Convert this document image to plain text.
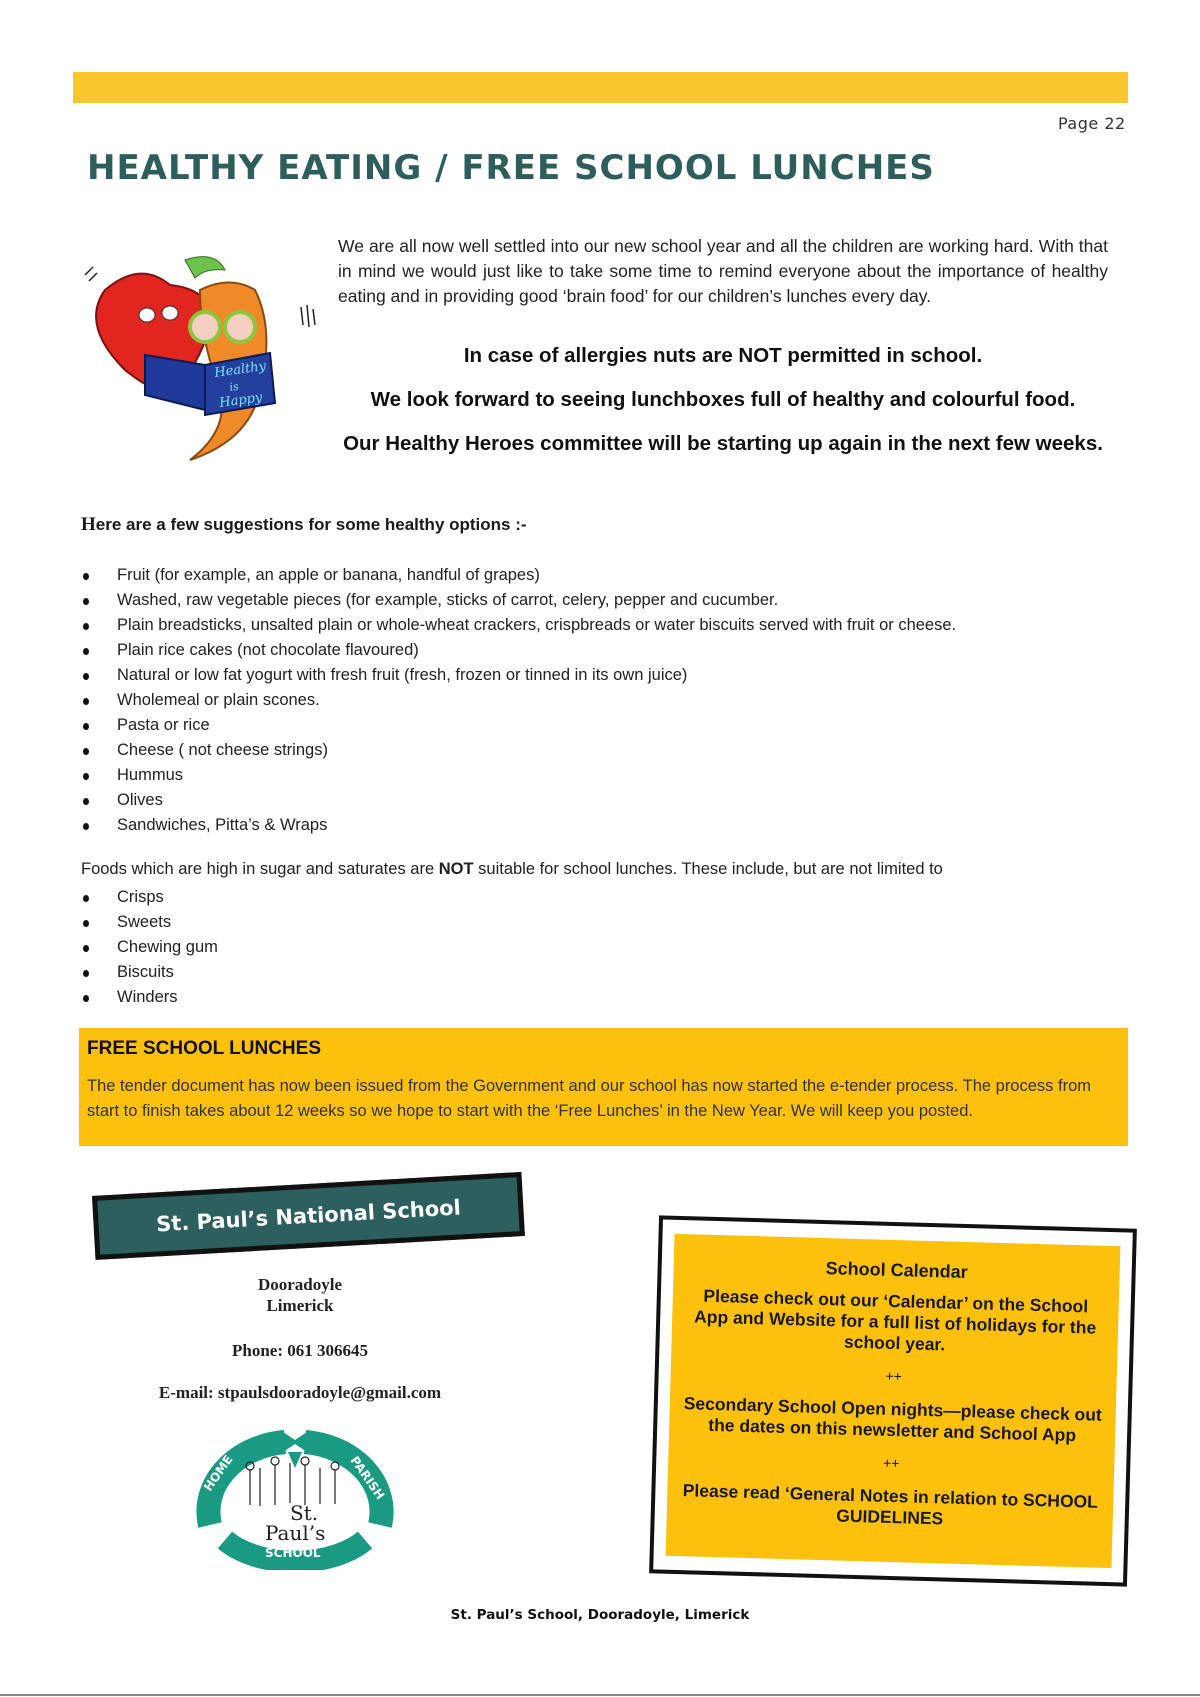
Page 22
HEALTHY EATING / FREE SCHOOL LUNCHES
Healthy
is
Happy

We are all now well settled into our new school year and all the children are working hard. With that in mind we would just like to take some time to remind everyone about the importance of healthy eating and in providing good ‘brain food’ for our children’s lunches every day.

In case of allergies nuts are NOT permitted in school.

We look forward to seeing lunchboxes full of healthy and colourful food.

Our Healthy Heroes committee will be starting up again in the next few weeks.

Here are a few suggestions for some healthy options :-

Fruit (for example, an apple or banana, handful of grapes)
Washed, raw vegetable pieces (for example, sticks of carrot, celery, pepper and cucumber.
Plain breadsticks, unsalted plain or whole-wheat crackers, crispbreads or water biscuits served with fruit or cheese.
Plain rice cakes (not chocolate flavoured)
Natural or low fat yogurt with fresh fruit (fresh, frozen or tinned in its own juice)
Wholemeal or plain scones.
Pasta or rice
Cheese ( not cheese strings)
Hummus
Olives
Sandwiches, Pitta’s & Wraps

Foods which are high in sugar and saturates are NOT suitable for school lunches. These include, but are not limited to

Crisps
Sweets
Chewing gum
Biscuits
Winders
FREE SCHOOL LUNCHES

The tender document has now been issued from the Government and our school has now started the e-tender process. The process from start to finish takes about 12 weeks so we hope to start with the ‘Free Lunches’ in the New Year. We will keep you posted.

St. Paul’s National School

Dooradoyle

Limerick

Phone: 061 306645

E-mail: stpaulsdooradoyle@gmail.com

HOME	PARISH
SCHOOL
St.
Paul’s
School Calendar

Please check out our ‘Calendar’ on the School App and Website for a full list of holidays for the school year.

++

Secondary School Open nights—please check out the dates on this newsletter and School App

++

Please read ‘General Notes in relation to SCHOOL GUIDELINES

St. Paul’s School, Dooradoyle, Limerick
